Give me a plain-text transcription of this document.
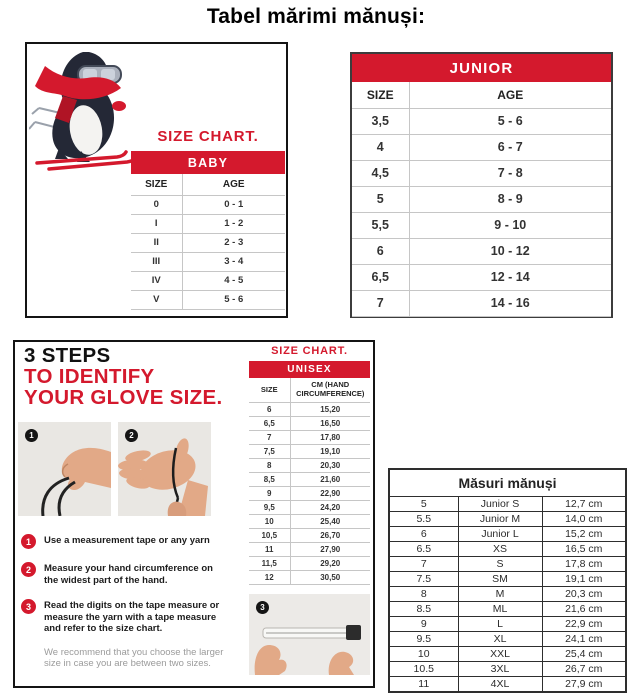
Tabel mărimi mănuși:
SIZE CHART.
BABY	
SIZE	AGE
0	0 - 1
I	1 - 2
II	2 - 3
III	3 - 4
IV	4 - 5
V	5 - 6
JUNIOR	
SIZE	AGE
3,5	5 - 6
4	6 - 7
4,5	7 - 8
5	8 - 9
5,5	9 - 10
6	10 - 12
6,5	12 - 14
7	14 - 16
3 STEPS
TO IDENTIFY
YOUR GLOVE SIZE.
1	2
1	Use a measurement tape or any yarn
2	Measure your hand circumference on the widest part of the hand.
3	Read the digits on the tape measure or measure the yarn with a tape measure and refer to the size chart.
We recommend that you choose the larger size in case you are between two sizes.
SIZE CHART.
UNISEX	
SIZE	CM (HAND CIRCUMFERENCE)
6	15,20
6,5	16,50
7	17,80
7,5	19,10
8	20,30
8,5	21,60
9	22,90
9,5	24,20
10	25,40
10,5	26,70
11	27,90
11,5	29,20
12	30,50
3
Măsuri mănuși		
5	Junior S	12,7 cm
5.5	Junior M	14,0 cm
6	Junior L	15,2 cm
6.5	XS	16,5 cm
7	S	17,8 cm
7.5	SM	19,1 cm
8	M	20,3 cm
8.5	ML	21,6 cm
9	L	22,9 cm
9.5	XL	24,1 cm
10	XXL	25,4 cm
10.5	3XL	26,7 cm
11	4XL	27,9 cm
